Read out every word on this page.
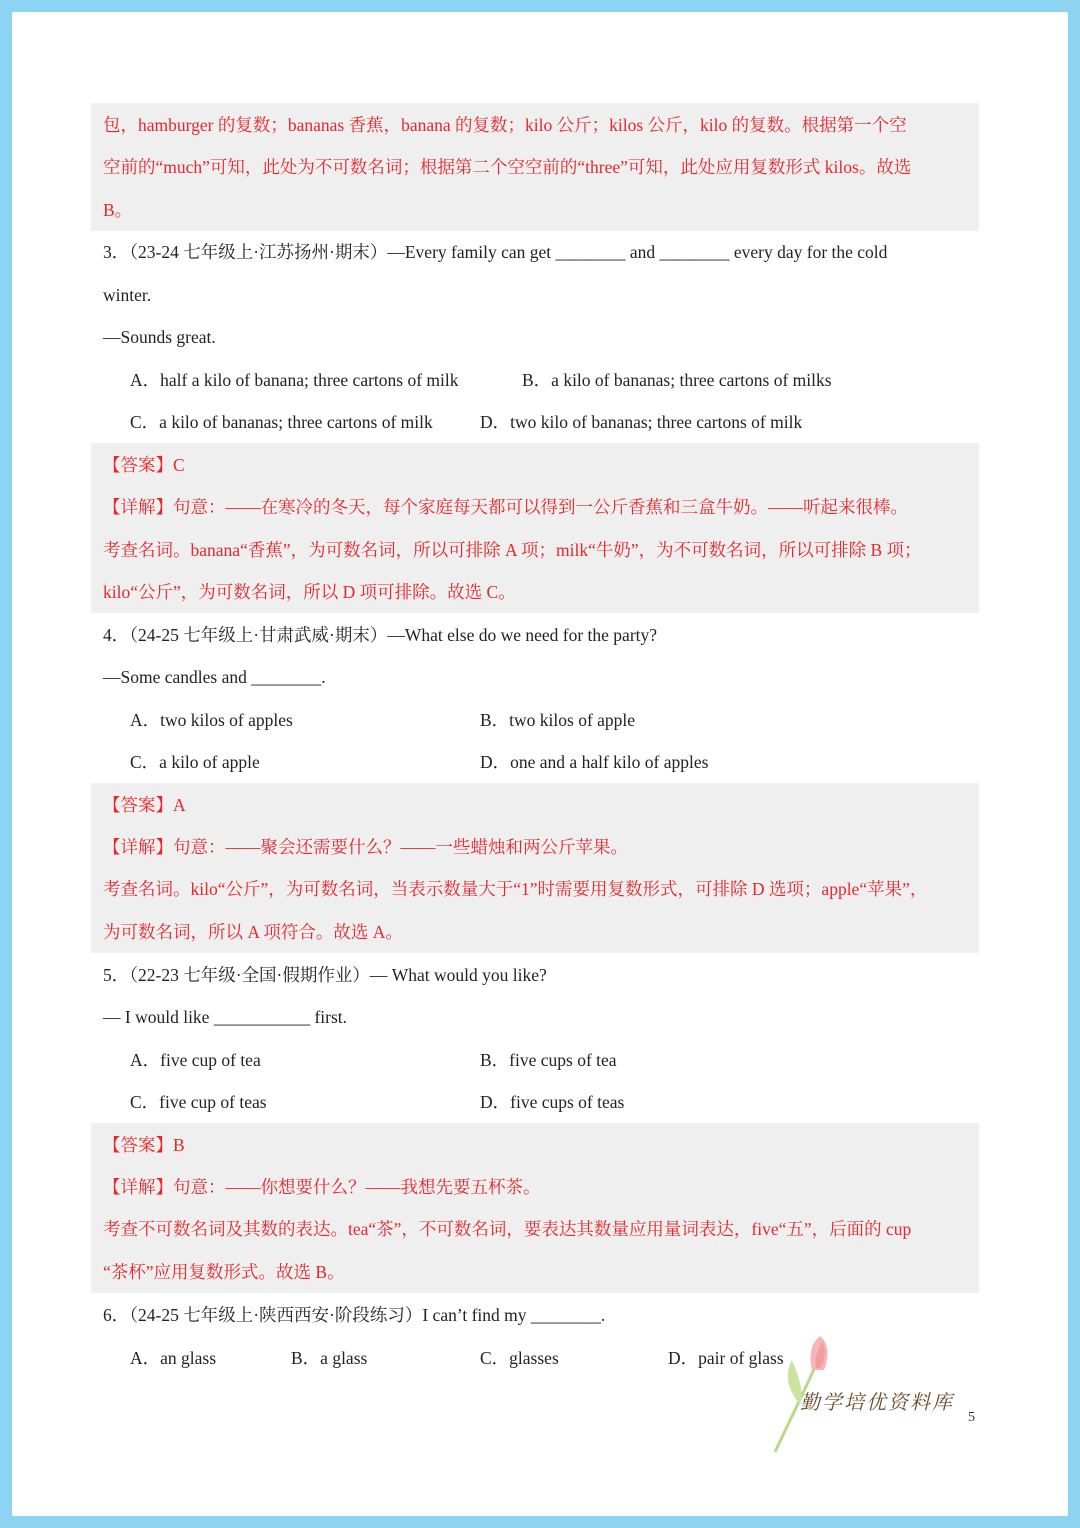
包，hamburger 的复数；bananas 香蕉，banana 的复数；kilo 公斤；kilos 公斤，kilo 的复数。根据第一个空
空前的“much”可知，此处为不可数名词；根据第二个空空前的“three”可知，此处应用复数形式 kilos。故选
B。
3．（23-24 七年级上·江苏扬州·期末）—Every family can get ________ and ________ every day for the cold
winter.
—Sounds great.
A．half a kilo of banana; three cartons of milk	B．a kilo of bananas; three cartons of milks
C．a kilo of bananas; three cartons of milk	D．two kilo of bananas; three cartons of milk
【答案】C
【详解】句意：——在寒冷的冬天，每个家庭每天都可以得到一公斤香蕉和三盒牛奶。——听起来很棒。
考查名词。banana“香蕉”，为可数名词，所以可排除 A 项；milk“牛奶”，为不可数名词，所以可排除 B 项；
kilo“公斤”，为可数名词，所以 D 项可排除。故选 C。
4．（24-25 七年级上·甘肃武威·期末）—What else do we need for the party?
—Some candles and ________.
A．two kilos of apples	B．two kilos of apple
C．a kilo of apple	D．one and a half kilo of apples
【答案】A
【详解】句意：——聚会还需要什么？——一些蜡烛和两公斤苹果。
考查名词。kilo“公斤”，为可数名词，当表示数量大于“1”时需要用复数形式，可排除 D 选项；apple“苹果”，
为可数名词，所以 A 项符合。故选 A。
5．（22-23 七年级·全国·假期作业）— What would you like?
— I would like ___________ first.
A．five cup of tea	B．five cups of tea
C．five cup of teas	D．five cups of teas
【答案】B
【详解】句意：——你想要什么？——我想先要五杯茶。
考查不可数名词及其数的表达。tea“茶”，不可数名词，要表达其数量应用量词表达，five“五”，后面的 cup
“茶杯”应用复数形式。故选 B。
6．（24-25 七年级上·陕西西安·阶段练习）I can’t find my ________.
A．an glass	B．a glass	C．glasses	D．pair of glass
勤学培优资料库
5
